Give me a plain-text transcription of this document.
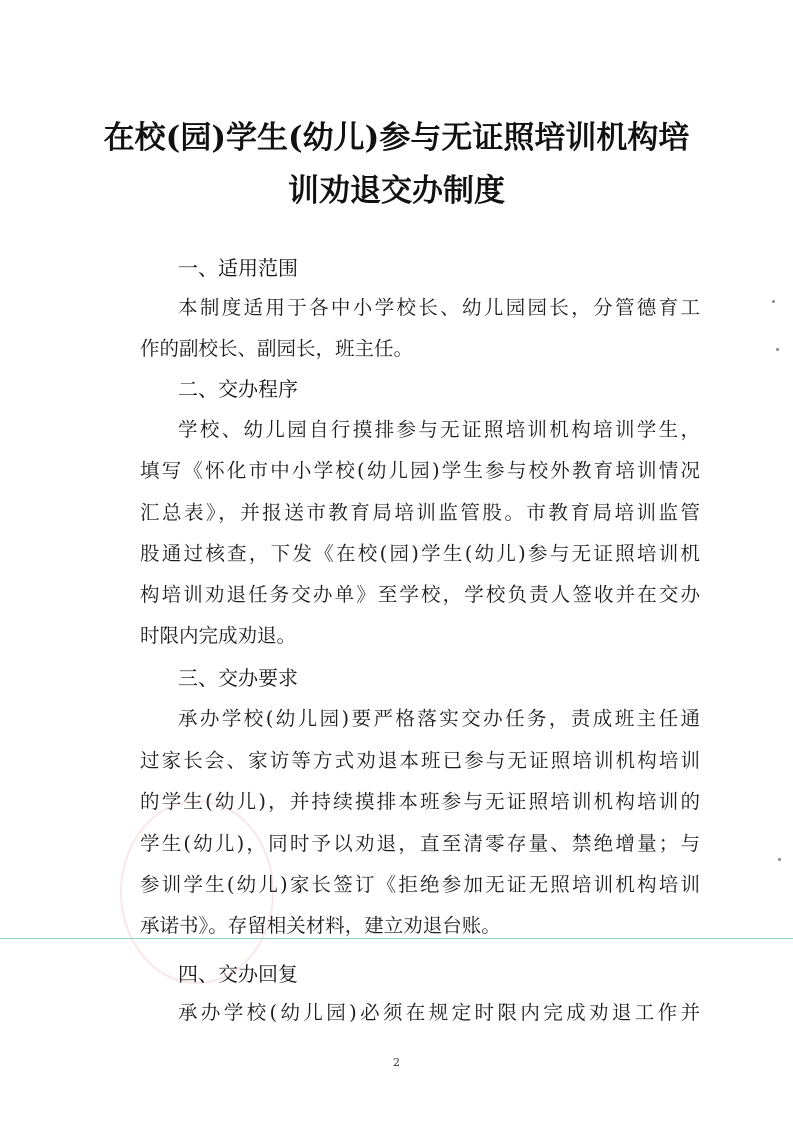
在校(园)学生(幼儿)参与无证照培训机构培
训劝退交办制度
一、适用范围
本制度适用于各中小学校长、幼儿园园长，分管德育工
作的副校长、副园长，班主任。
二、交办程序
学校、幼儿园自行摸排参与无证照培训机构培训学生，
填写《怀化市中小学校(幼儿园)学生参与校外教育培训情况
汇总表》，并报送市教育局培训监管股。市教育局培训监管
股通过核查，下发《在校(园)学生(幼儿)参与无证照培训机
构培训劝退任务交办单》至学校，学校负责人签收并在交办
时限内完成劝退。
三、交办要求
承办学校(幼儿园)要严格落实交办任务，责成班主任通
过家长会、家访等方式劝退本班已参与无证照培训机构培训
的学生(幼儿)，并持续摸排本班参与无证照培训机构培训的
学生(幼儿)，同时予以劝退，直至清零存量、禁绝增量；与
参训学生(幼儿)家长签订《拒绝参加无证无照培训机构培训
承诺书》。存留相关材料，建立劝退台账。
四、交办回复
承办学校(幼儿园)必须在规定时限内完成劝退工作并
2
